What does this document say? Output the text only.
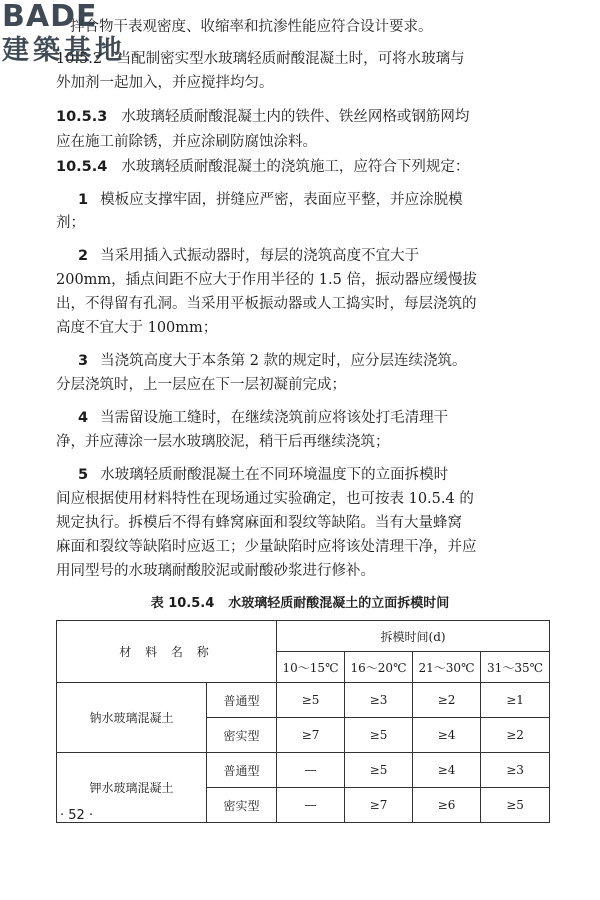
BADE
建築基地
拌合物干表观密度、收缩率和抗渗性能应符合设计要求。
10.5.2　当配制密实型水玻璃轻质耐酸混凝土时，可将水玻璃与
外加剂一起加入，并应搅拌均匀。
10.5.3 水玻璃轻质耐酸混凝土内的铁件、铁丝网格或钢筋网均
应在施工前除锈，并应涂刷防腐蚀涂料。
10.5.4 水玻璃轻质耐酸混凝土的浇筑施工，应符合下列规定：
1 模板应支撑牢固，拼缝应严密，表面应平整，并应涂脱模
剂；
2 当采用插入式振动器时，每层的浇筑高度不宜大于
200mm，插点间距不应大于作用半径的 1.5 倍，振动器应缓慢拔
出，不得留有孔洞。当采用平板振动器或人工捣实时，每层浇筑的
高度不宜大于 100mm；
3 当浇筑高度大于本条第 2 款的规定时，应分层连续浇筑。
分层浇筑时，上一层应在下一层初凝前完成；
4 当需留设施工缝时，在继续浇筑前应将该处打毛清理干
净，并应薄涂一层水玻璃胶泥，稍干后再继续浇筑；
5 水玻璃轻质耐酸混凝土在不同环境温度下的立面拆模时
间应根据使用材料特性在现场通过实验确定，也可按表 10.5.4 的
规定执行。拆模后不得有蜂窝麻面和裂纹等缺陷。当有大量蜂窝
麻面和裂纹等缺陷时应返工；少量缺陷时应将该处清理干净，并应
用同型号的水玻璃耐酸胶泥或耐酸砂浆进行修补。
表 10.5.4 水玻璃轻质耐酸混凝土的立面拆模时间
材 料 名 称		拆模时间(d)			
		10～15℃	16～20℃	21～30℃	31～35℃
钠水玻璃混凝土	普通型	≥5	≥3	≥2	≥1
	密实型	≥7	≥5	≥4	≥2
钾水玻璃混凝土	普通型	—	≥5	≥4	≥3
	密实型	—	≥7	≥6	≥5
· 52 ·
